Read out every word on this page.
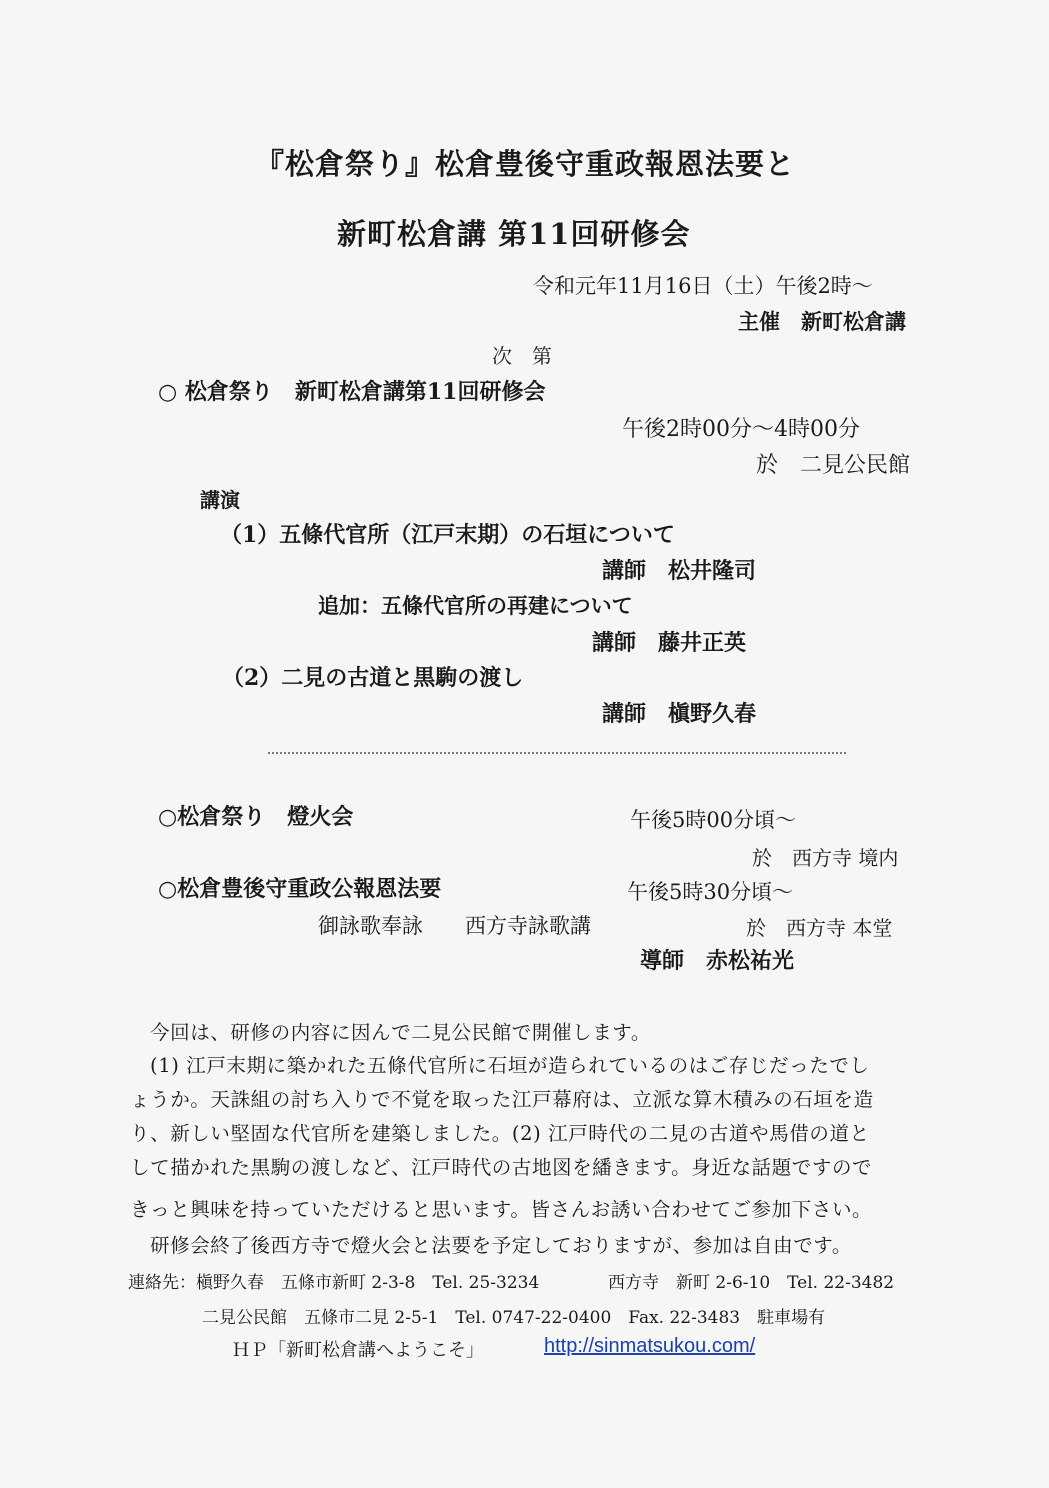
『松倉祭り』松倉豊後守重政報恩法要と
新町松倉講 第11回研修会
令和元年11月16日（土）午後2時〜
主催　新町松倉講
次　第
○ 松倉祭り　新町松倉講第11回研修会
午後2時00分〜4時00分
於　二見公民館
講演
（1）五條代官所（江戸末期）の石垣について
講師　松井隆司
追加：五條代官所の再建について
講師　藤井正英
（2）二見の古道と黒駒の渡し
講師　槇野久春
○松倉祭り　燈火会	午後5時00分頃〜
於　西方寺 境内
○松倉豊後守重政公報恩法要	午後5時30分頃〜
御詠歌奉詠　　西方寺詠歌講	於　西方寺 本堂
導師　赤松祐光
今回は、研修の内容に因んで二見公民館で開催します。
(1) 江戸末期に築かれた五條代官所に石垣が造られているのはご存じだったでし
ょうか。天誅組の討ち入りで不覚を取った江戸幕府は、立派な算木積みの石垣を造
り、新しい堅固な代官所を建築しました。(2) 江戸時代の二見の古道や馬借の道と
して描かれた黒駒の渡しなど、江戸時代の古地図を繙きます。身近な話題ですので
きっと興味を持っていただけると思います。皆さんお誘い合わせてご参加下さい。
研修会終了後西方寺で燈火会と法要を予定しておりますが、参加は自由です。
連絡先：槇野久春　五條市新町 2-3-8　Tel. 25-3234	西方寺　新町 2-6-10　Tel. 22-3482
二見公民館　五條市二見 2-5-1　Tel. 0747-22-0400　Fax. 22-3483　駐車場有
ＨＰ「新町松倉講へようこそ」	http://sinmatsukou.com/
